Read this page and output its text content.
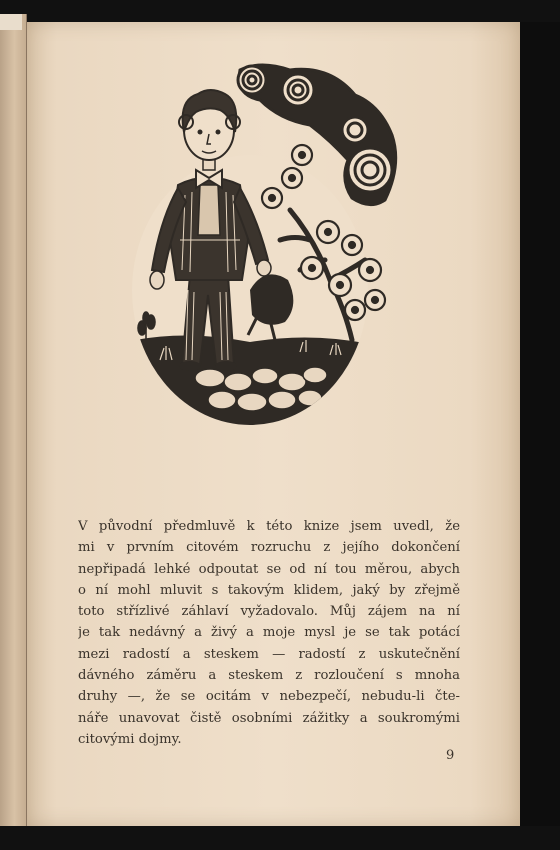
V původní předmluvě k této knize jsem uvedl, že
mi v prvním citovém rozruchu z jejího dokončení
nepřipadá lehké odpoutat se od ní tou měrou, abych
o ní mohl mluvit s takovým klidem, jaký by zřejmě
toto střízlivé záhlaví vyžadovalo. Můj zájem na ní
je tak nedávný a živý a moje mysl je se tak potácí
mezi radostí a steskem — radostí z uskutečnění
dávného záměru a steskem z rozloučení s mnoha
druhy —, že se ocitám v nebezpečí, nebudu-li čte-
náře unavovat čistě osobními zážitky a soukromými
citovými dojmy.
9
